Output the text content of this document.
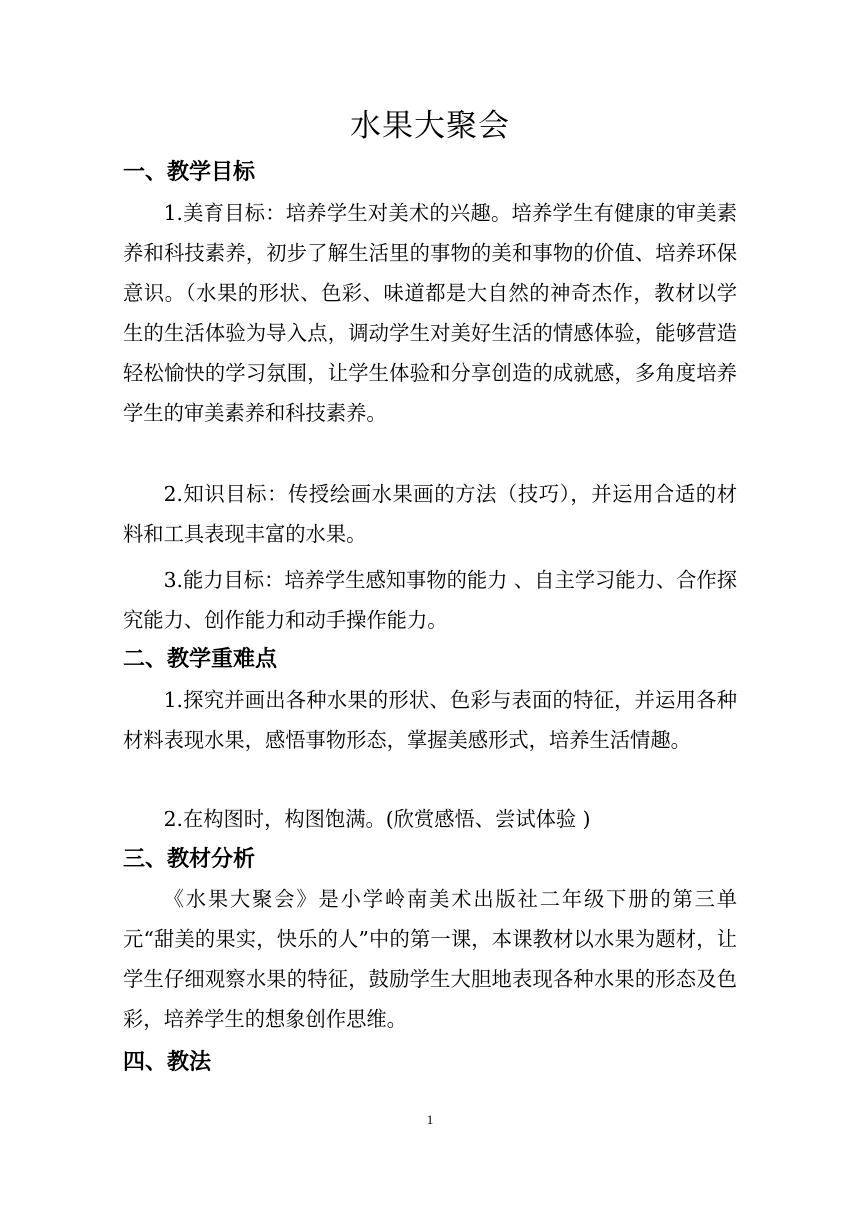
水果大聚会
一、教学目标

1.美育目标：培养学生对美术的兴趣。培养学生有健康的审美素养和科技素养，初步了解生活里的事物的美和事物的价值、培养环保意识。（水果的形状、色彩、味道都是大自然的神奇杰作，教材以学生的生活体验为导入点，调动学生对美好生活的情感体验，能够营造轻松愉快的学习氛围，让学生体验和分享创造的成就感，多角度培养学生的审美素养和科技素养。

2.知识目标：传授绘画水果画的方法（技巧），并运用合适的材料和工具表现丰富的水果。

3.能力目标：培养学生感知事物的能力 、自主学习能力、合作探究能力、创作能力和动手操作能力。

二、教学重难点

1.探究并画出各种水果的形状、色彩与表面的特征，并运用各种材料表现水果，感悟事物形态，掌握美感形式，培养生活情趣。

2.在构图时，构图饱满。(欣赏感悟、尝试体验 )

三、教材分析

《水果大聚会》是小学岭南美术出版社二年级下册的第三单元“甜美的果实，快乐的人”中的第一课，本课教材以水果为题材，让学生仔细观察水果的特征，鼓励学生大胆地表现各种水果的形态及色彩，培养学生的想象创作思维。

四、教法
1
